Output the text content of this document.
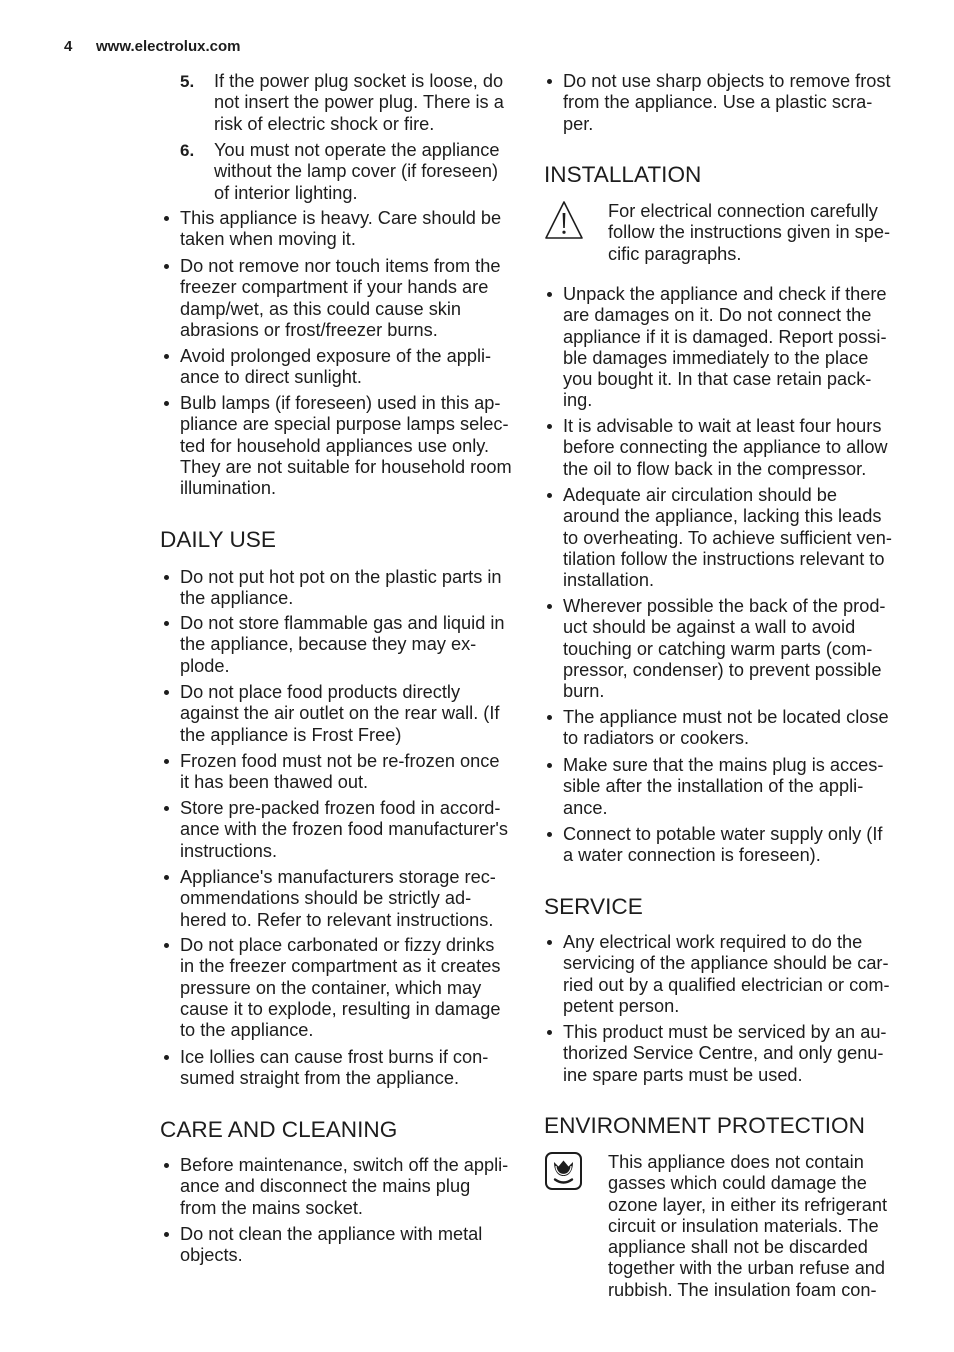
4 www.electrolux.com
5. If the power plug socket is loose, do
not insert the power plug. There is a
risk of electric shock or fire.
6. You must not operate the appliance
without the lamp cover (if foreseen)
of interior lighting.
This appliance is heavy. Care should be
taken when moving it.
Do not remove nor touch items from the
freezer compartment if your hands are
damp/wet, as this could cause skin
abrasions or frost/freezer burns.
Avoid prolonged exposure of the appli-
ance to direct sunlight.
Bulb lamps (if foreseen) used in this ap-
pliance are special purpose lamps selec-
ted for household appliances use only.
They are not suitable for household room
illumination.
DAILY USE
Do not put hot pot on the plastic parts in
the appliance.
Do not store flammable gas and liquid in
the appliance, because they may ex-
plode.
Do not place food products directly
against the air outlet on the rear wall. (If
the appliance is Frost Free)
Frozen food must not be re-frozen once
it has been thawed out.
Store pre-packed frozen food in accord-
ance with the frozen food manufacturer's
instructions.
Appliance's manufacturers storage rec-
ommendations should be strictly ad-
hered to. Refer to relevant instructions.
Do not place carbonated or fizzy drinks
in the freezer compartment as it creates
pressure on the container, which may
cause it to explode, resulting in damage
to the appliance.
Ice lollies can cause frost burns if con-
sumed straight from the appliance.
CARE AND CLEANING
Before maintenance, switch off the appli-
ance and disconnect the mains plug
from the mains socket.
Do not clean the appliance with metal
objects.
Do not use sharp objects to remove frost
from the appliance. Use a plastic scra-
per.
INSTALLATION
For electrical connection carefully
follow the instructions given in spe-
cific paragraphs.
Unpack the appliance and check if there
are damages on it. Do not connect the
appliance if it is damaged. Report possi-
ble damages immediately to the place
you bought it. In that case retain pack-
ing.
It is advisable to wait at least four hours
before connecting the appliance to allow
the oil to flow back in the compressor.
Adequate air circulation should be
around the appliance, lacking this leads
to overheating. To achieve sufficient ven-
tilation follow the instructions relevant to
installation.
Wherever possible the back of the prod-
uct should be against a wall to avoid
touching or catching warm parts (com-
pressor, condenser) to prevent possible
burn.
The appliance must not be located close
to radiators or cookers.
Make sure that the mains plug is acces-
sible after the installation of the appli-
ance.
Connect to potable water supply only (If
a water connection is foreseen).
SERVICE
Any electrical work required to do the
servicing of the appliance should be car-
ried out by a qualified electrician or com-
petent person.
This product must be serviced by an au-
thorized Service Centre, and only genu-
ine spare parts must be used.
ENVIRONMENT PROTECTION
This appliance does not contain
gasses which could damage the
ozone layer, in either its refrigerant
circuit or insulation materials. The
appliance shall not be discarded
together with the urban refuse and
rubbish. The insulation foam con-
